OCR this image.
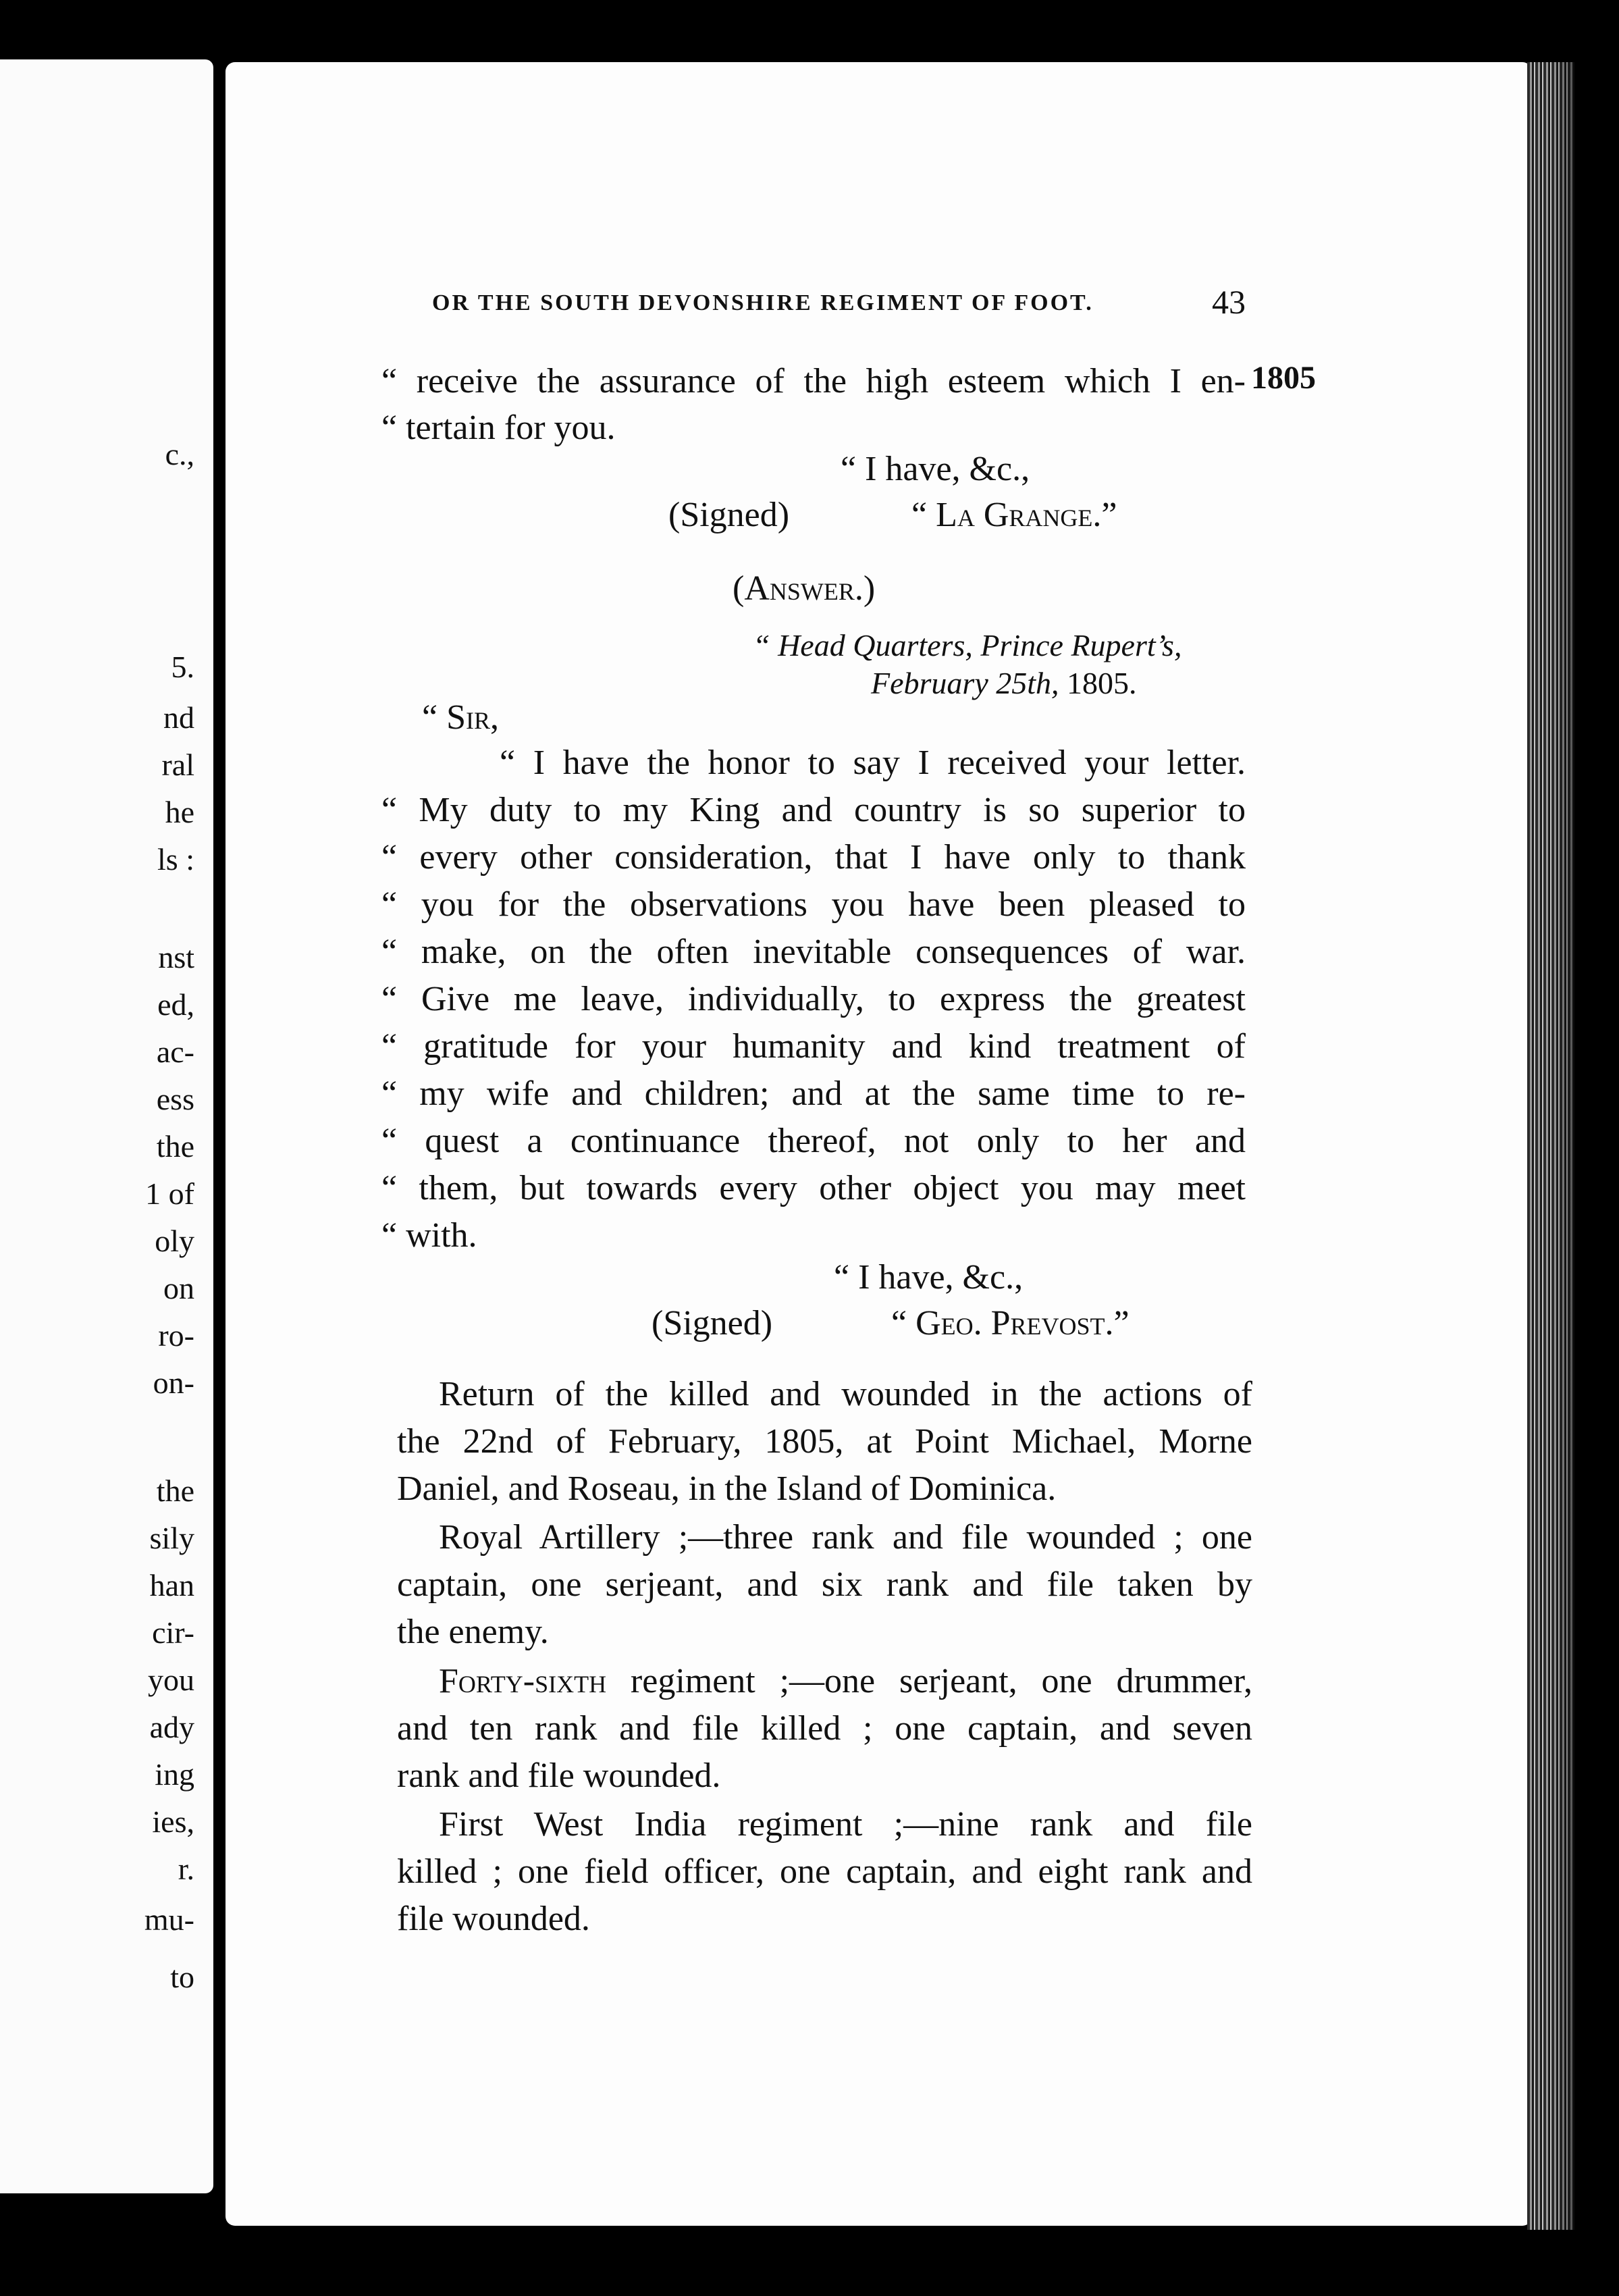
c.,
5.
nd
ral
he
ls :
nst
ed,
ac-
ess
the
1 of
oly
on
ro-
on-
the
sily
han
cir-
you
ady
ing
ies,
r.
mu-
to
OR THE SOUTH DEVONSHIRE REGIMENT OF FOOT.	43
1805
“ receive the assurance of the high esteem which I en-
“ tertain for you.
“ I have, &c.,
(Signed)	“ La Grange.”
(Answer.)
“ Head Quarters, Prince Rupert’s,
February 25th, 1805.
“ Sir,
“ I have the honor to say I received your letter.
“ My duty to my King and country is so superior to
“ every other consideration, that I have only to thank
“ you for the observations you have been pleased to
“ make, on the often inevitable consequences of war.
“ Give me leave, individually, to express the greatest
“ gratitude for your humanity and kind treatment of
“ my wife and children; and at the same time to re-
“ quest a continuance thereof, not only to her and
“ them, but towards every other object you may meet
“ with.
“ I have, &c.,
(Signed)	“ Geo. Prevost.”
Return of the killed and wounded in the actions of
the 22nd of February, 1805, at Point Michael, Morne
Daniel, and Roseau, in the Island of Dominica.
Royal Artillery ;—three rank and file wounded ; one
captain, one serjeant, and six rank and file taken by
the enemy.
Forty-sixth regiment ;—one serjeant, one drummer,
and ten rank and file killed ; one captain, and seven
rank and file wounded.
First West India regiment ;—nine rank and file
killed ; one field officer, one captain, and eight rank and
file wounded.
